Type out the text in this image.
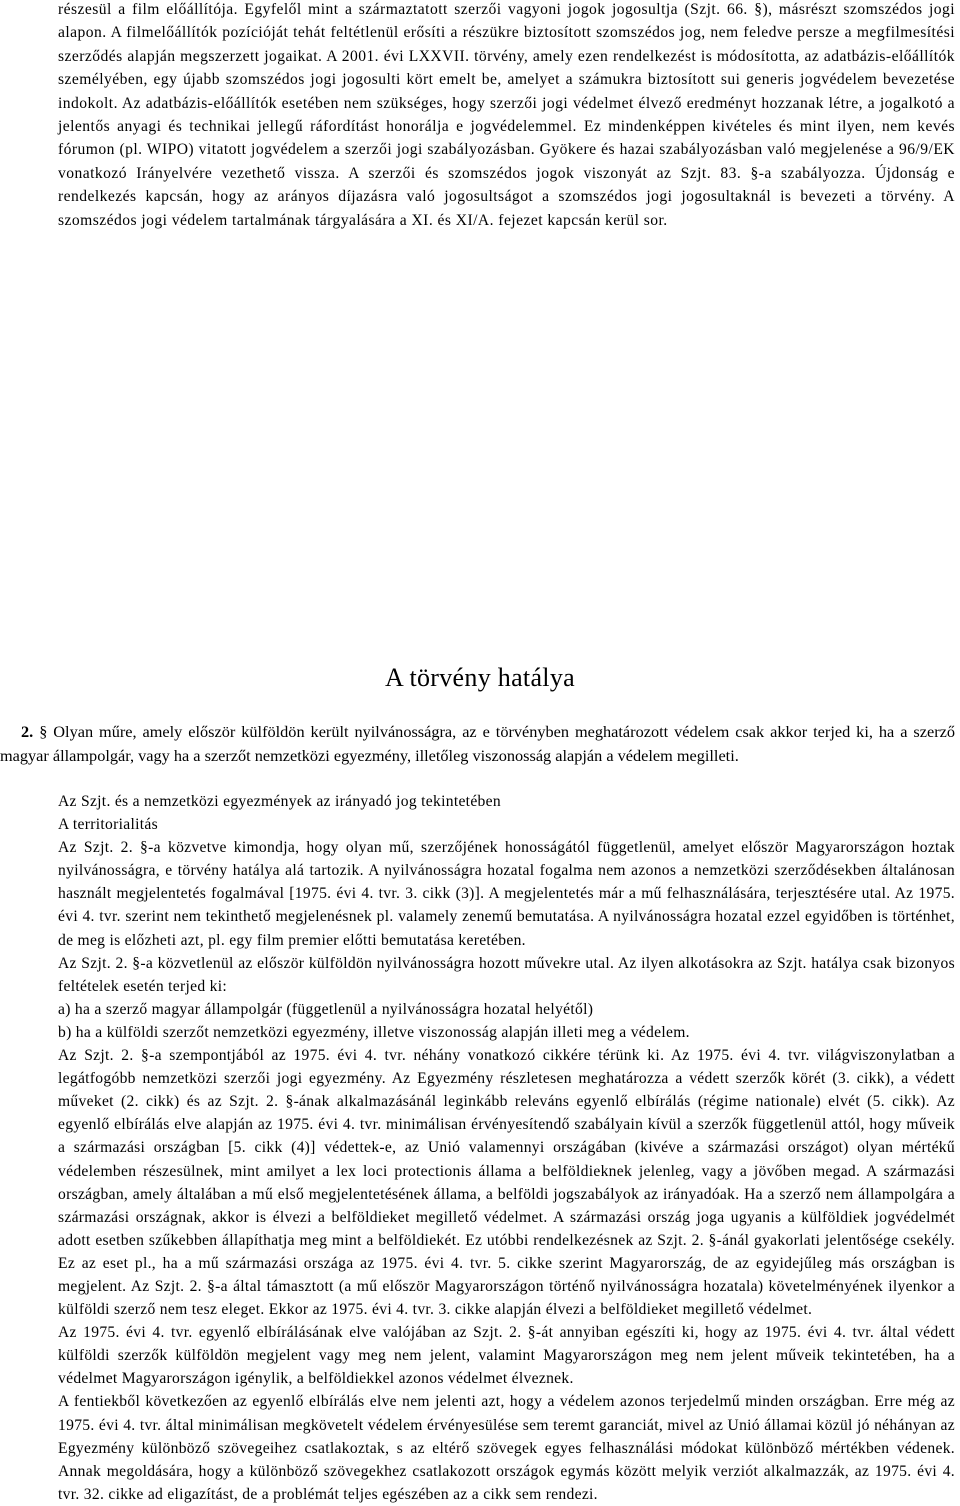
részesül a film előállítója. Egyfelől mint a származtatott szerzői vagyoni jogok jogosultja (Szjt. 66. §), másrészt szomszédos jogi alapon. A filmelőállítók pozícióját tehát feltétlenül erősíti a részükre biztosított szomszédos jog, nem feledve persze a megfilmesítési szerződés alapján megszerzett jogaikat. A 2001. évi LXXVII. törvény, amely ezen rendelkezést is módosította, az adatbázis-előállítók személyében, egy újabb szomszédos jogi jogosulti kört emelt be, amelyet a számukra biztosított sui generis jogvédelem bevezetése indokolt. Az adatbázis-előállítók esetében nem szükséges, hogy szerzői jogi védelmet élvező eredményt hozzanak létre, a jogalkotó a jelentős anyagi és technikai jellegű ráfordítást honorálja e jogvédelemmel. Ez mindenképpen kivételes és mint ilyen, nem kevés fórumon (pl. WIPO) vitatott jogvédelem a szerzői jogi szabályozásban. Gyökere és hazai szabályozásban való megjelenése a 96/9/EK vonatkozó Irányelvére vezethető vissza. A szerzői és szomszédos jogok viszonyát az Szjt. 83. §-a szabályozza. Újdonság e rendelkezés kapcsán, hogy az arányos díjazásra való jogosultságot a szomszédos jogi jogosultaknál is bevezeti a törvény. A szomszédos jogi védelem tartalmának tárgyalására a XI. és XI/A. fejezet kapcsán kerül sor.

A törvény hatálya

2. § Olyan műre, amely először külföldön került nyilvánosságra, az e törvényben meghatározott védelem csak akkor terjed ki, ha a szerző magyar állampolgár, vagy ha a szerzőt nemzetközi egyezmény, illetőleg viszonosság alapján a védelem megilleti.

Az Szjt. és a nemzetközi egyezmények az irányadó jog tekintetében
A territorialitás

Az Szjt. 2. §-a közvetve kimondja, hogy olyan mű, szerzőjének honosságától függetlenül, amelyet először Magyarországon hoztak nyilvánosságra, e törvény hatálya alá tartozik. A nyilvánosságra hozatal fogalma nem azonos a nemzetközi szerződésekben általánosan használt megjelentetés fogalmával [1975. évi 4. tvr. 3. cikk (3)]. A megjelentetés már a mű felhasználására, terjesztésére utal. Az 1975. évi 4. tvr. szerint nem tekinthető megjelenésnek pl. valamely zenemű bemutatása. A nyilvánosságra hozatal ezzel egyidőben is történhet, de meg is előzheti azt, pl. egy film premier előtti bemutatása keretében.

Az Szjt. 2. §-a közvetlenül az először külföldön nyilvánosságra hozott művekre utal. Az ilyen alkotásokra az Szjt. hatálya csak bizonyos feltételek esetén terjed ki:

a) ha a szerző magyar állampolgár (függetlenül a nyilvánosságra hozatal helyétől)
b) ha a külföldi szerzőt nemzetközi egyezmény, illetve viszonosság alapján illeti meg a védelem.

Az Szjt. 2. §-a szempontjából az 1975. évi 4. tvr. néhány vonatkozó cikkére térünk ki. Az 1975. évi 4. tvr. világviszonylatban a legátfogóbb nemzetközi szerzői jogi egyezmény. Az Egyezmény részletesen meghatározza a védett szerzők körét (3. cikk), a védett műveket (2. cikk) és az Szjt. 2. §-ának alkalmazásánál leginkább releváns egyenlő elbírálás (régime nationale) elvét (5. cikk). Az egyenlő elbírálás elve alapján az 1975. évi 4. tvr. minimálisan érvényesítendő szabályain kívül a szerzők függetlenül attól, hogy műveik a származási országban [5. cikk (4)] védettek-e, az Unió valamennyi országában (kivéve a származási országot) olyan mértékű védelemben részesülnek, mint amilyet a lex loci protectionis állama a belföldieknek jelenleg, vagy a jövőben megad. A származási országban, amely általában a mű első megjelentetésének állama, a belföldi jogszabályok az irányadóak. Ha a szerző nem állampolgára a származási országnak, akkor is élvezi a belföldieket megillető védelmet. A származási ország joga ugyanis a külföldiek jogvédelmét adott esetben szűkebben állapíthatja meg mint a belföldiekét. Ez utóbbi rendelkezésnek az Szjt. 2. §-ánál gyakorlati jelentősége csekély. Ez az eset pl., ha a mű származási országa az 1975. évi 4. tvr. 5. cikke szerint Magyarország, de az egyidejűleg más országban is megjelent. Az Szjt. 2. §-a által támasztott (a mű először Magyarországon történő nyilvánosságra hozatala) követelményének ilyenkor a külföldi szerző nem tesz eleget. Ekkor az 1975. évi 4. tvr. 3. cikke alapján élvezi a belföldieket megillető védelmet.

Az 1975. évi 4. tvr. egyenlő elbírálásának elve valójában az Szjt. 2. §-át annyiban egészíti ki, hogy az 1975. évi 4. tvr. által védett külföldi szerzők külföldön megjelent vagy meg nem jelent, valamint Magyarországon meg nem jelent műveik tekintetében, ha a védelmet Magyarországon igénylik, a belföldiekkel azonos védelmet élveznek.

A fentiekből következően az egyenlő elbírálás elve nem jelenti azt, hogy a védelem azonos terjedelmű minden országban. Erre még az 1975. évi 4. tvr. által minimálisan megkövetelt védelem érvényesülése sem teremt garanciát, mivel az Unió államai közül jó néhányan az Egyezmény különböző szövegeihez csatlakoztak, s az eltérő szövegek egyes felhasználási módokat különböző mértékben védenek. Annak megoldására, hogy a különböző szövegekhez csatlakozott országok egymás között melyik verziót alkalmazzák, az 1975. évi 4. tvr. 32. cikke ad eligazítást, de a problémát teljes egészében az a cikk sem rendezi.
